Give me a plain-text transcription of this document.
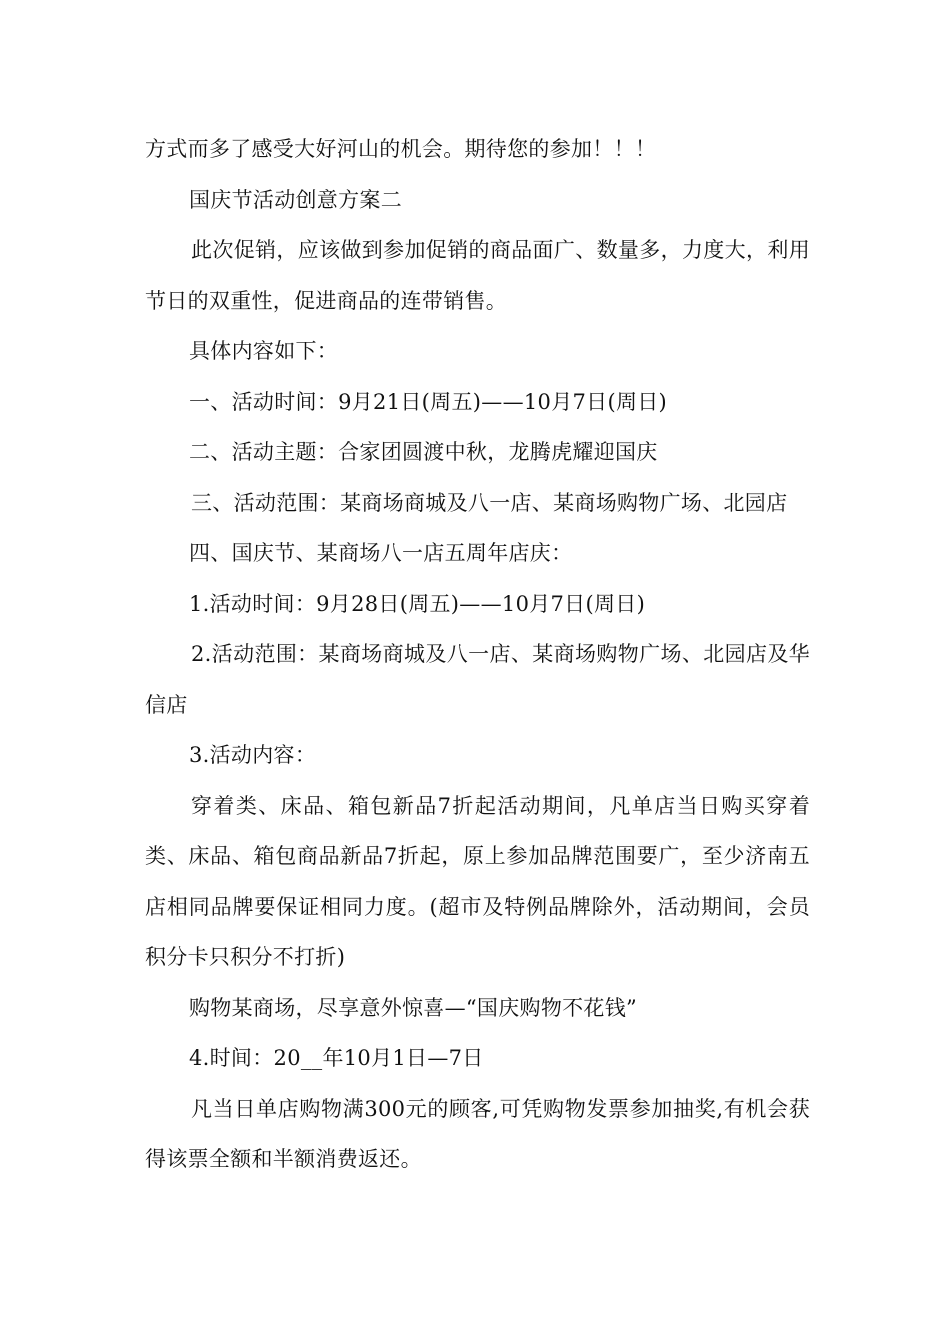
方式而多了感受大好河山的机会。期待您的参加！！！

国庆节活动创意方案二

此次促销，应该做到参加促销的商品面广、数量多，力度大，利用节日的双重性，促进商品的连带销售。

具体内容如下：

一、活动时间：9月21日(周五)——10月7日(周日)

二、活动主题：合家团圆渡中秋，龙腾虎耀迎国庆

三、活动范围：某商场商城及八一店、某商场购物广场、北园店

四、国庆节、某商场八一店五周年店庆：

1.活动时间：9月28日(周五)——10月7日(周日)

2.活动范围：某商场商城及八一店、某商场购物广场、北园店及华信店

3.活动内容：

穿着类、床品、箱包新品7折起活动期间，凡单店当日购买穿着类、床品、箱包商品新品7折起，原上参加品牌范围要广，至少济南五店相同品牌要保证相同力度。(超市及特例品牌除外，活动期间，会员积分卡只积分不打折)

购物某商场，尽享意外惊喜—“国庆购物不花钱”

4.时间：20__年10月1日—7日

凡当日单店购物满300元的顾客,可凭购物发票参加抽奖,有机会获得该票全额和半额消费返还。
